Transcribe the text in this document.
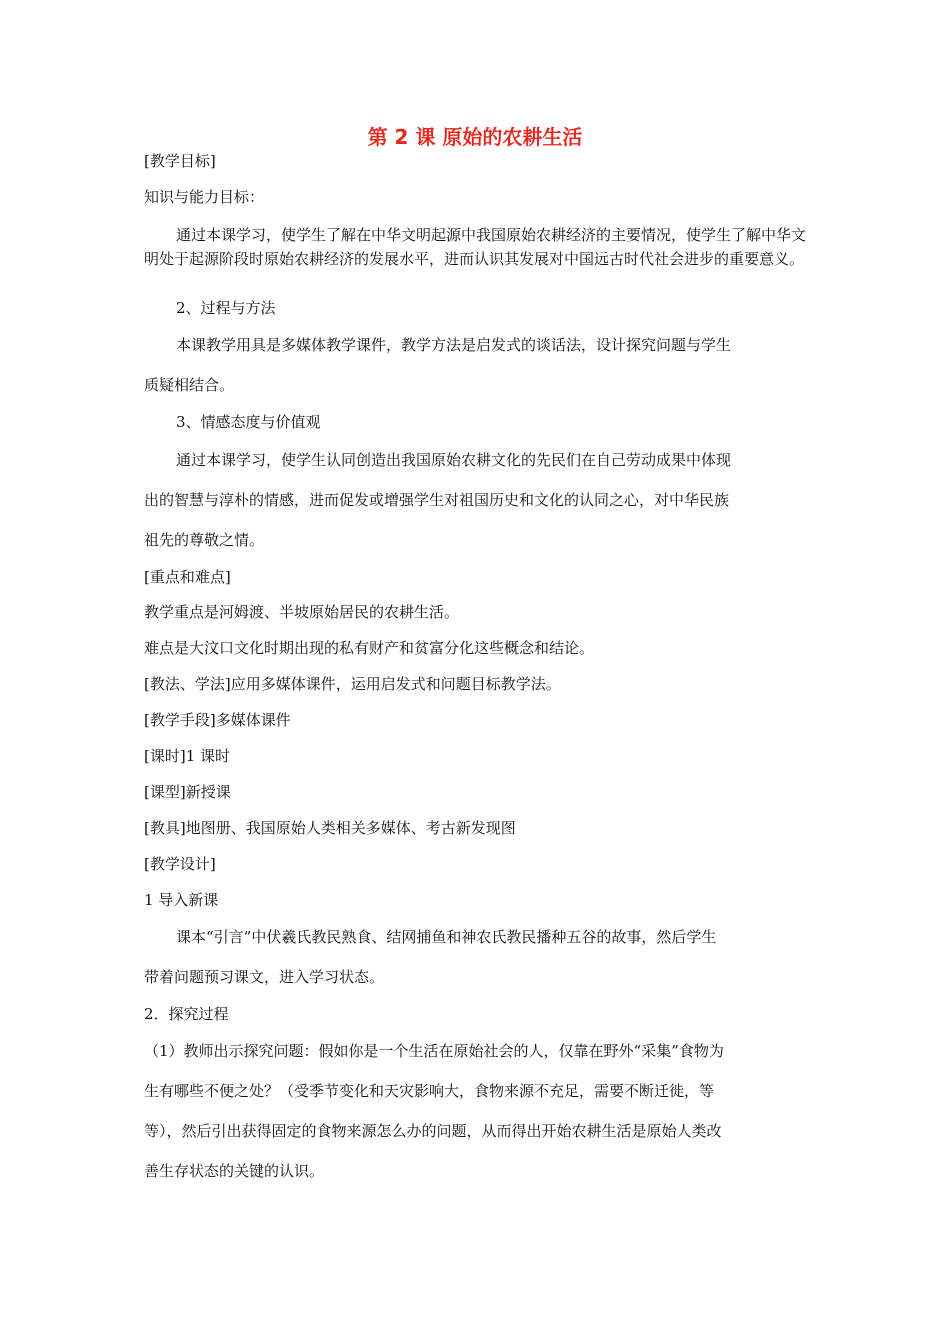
第 2 课 原始的农耕生活

[教学目标]

知识与能力目标：

通过本课学习，使学生了解在中华文明起源中我国原始农耕经济的主要情况，使学生了解中华文明处于起源阶段时原始农耕经济的发展水平，进而认识其发展对中国远古时代社会进步的重要意义。

2、过程与方法

本课教学用具是多媒体教学课件，教学方法是启发式的谈话法，设计探究问题与学生

质疑相结合。

3、情感态度与价值观

通过本课学习，使学生认同创造出我国原始农耕文化的先民们在自己劳动成果中体现

出的智慧与淳朴的情感，进而促发或增强学生对祖国历史和文化的认同之心，对中华民族

祖先的尊敬之情。

[重点和难点]

教学重点是河姆渡、半坡原始居民的农耕生活。

难点是大汶口文化时期出现的私有财产和贫富分化这些概念和结论。

[教法、学法]应用多媒体课件，运用启发式和问题目标教学法。

[教学手段]多媒体课件

[课时]1 课时

[课型]新授课

[教具]地图册、我国原始人类相关多媒体、考古新发现图

[教学设计]

1 导入新课

课本“引言”中伏羲氏教民熟食、结网捕鱼和神农氏教民播种五谷的故事，然后学生

带着问题预习课文，进入学习状态。

2．探究过程

（1）教师出示探究问题：假如你是一个生活在原始社会的人，仅靠在野外“采集”食物为

生有哪些不便之处？（受季节变化和天灾影响大，食物来源不充足，需要不断迁徙，等

等），然后引出获得固定的食物来源怎么办的问题，从而得出开始农耕生活是原始人类改

善生存状态的关键的认识。
